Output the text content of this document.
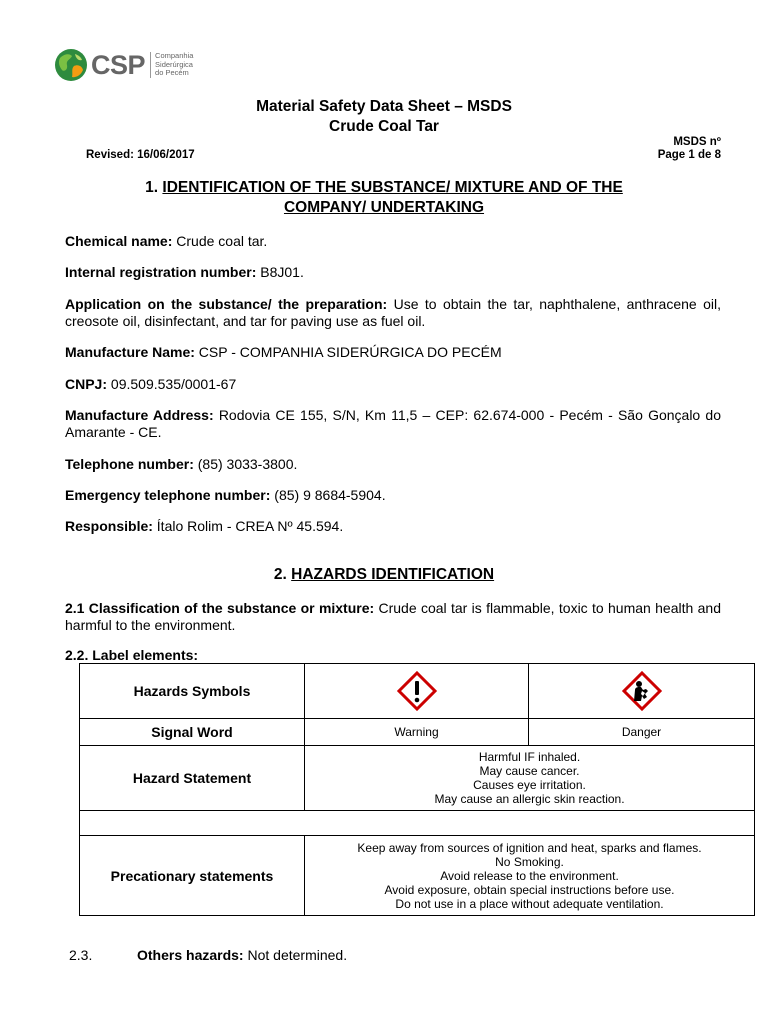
CSP Companhia
Siderúrgica
do Pecém
Material Safety Data Sheet – MSDS
Crude Coal Tar
MSDS nº
Revised: 16/06/2017	Page 1 de 8
1. IDENTIFICATION OF THE SUBSTANCE/ MIXTURE AND OF THE
COMPANY/ UNDERTAKING
Chemical name: Crude coal tar.
Internal registration number: B8J01.
Application on the substance/ the preparation: Use to obtain the tar, naphthalene, anthracene oil, creosote oil, disinfectant, and tar for paving use as fuel oil.
Manufacture Name: CSP - COMPANHIA SIDERÚRGICA DO PECÉM
CNPJ: 09.509.535/0001-67
Manufacture Address: Rodovia CE 155, S/N, Km 11,5 – CEP: 62.674-000 - Pecém - São Gonçalo do Amarante - CE.
Telephone number: (85) 3033-3800.
Emergency telephone number: (85) 9 8684-5904.
Responsible: Ítalo Rolim - CREA Nº 45.594.
2. HAZARDS IDENTIFICATION
2.1 Classification of the substance or mixture: Crude coal tar is flammable, toxic to human health and harmful to the environment.
2.2. Label elements:
Hazards Symbols	

Signal Word	Warning	Danger
Hazard Statement	Harmful IF inhaled.
May cause cancer.
Causes eye irritation.
May cause an allergic skin reaction.	

Precationary statements	Keep away from sources of ignition and heat, sparks and flames.
No Smoking.
Avoid release to the environment.
Avoid exposure, obtain special instructions before use.
Do not use in a place without adequate ventilation.	
2.3.	Others hazards: Not determined.
